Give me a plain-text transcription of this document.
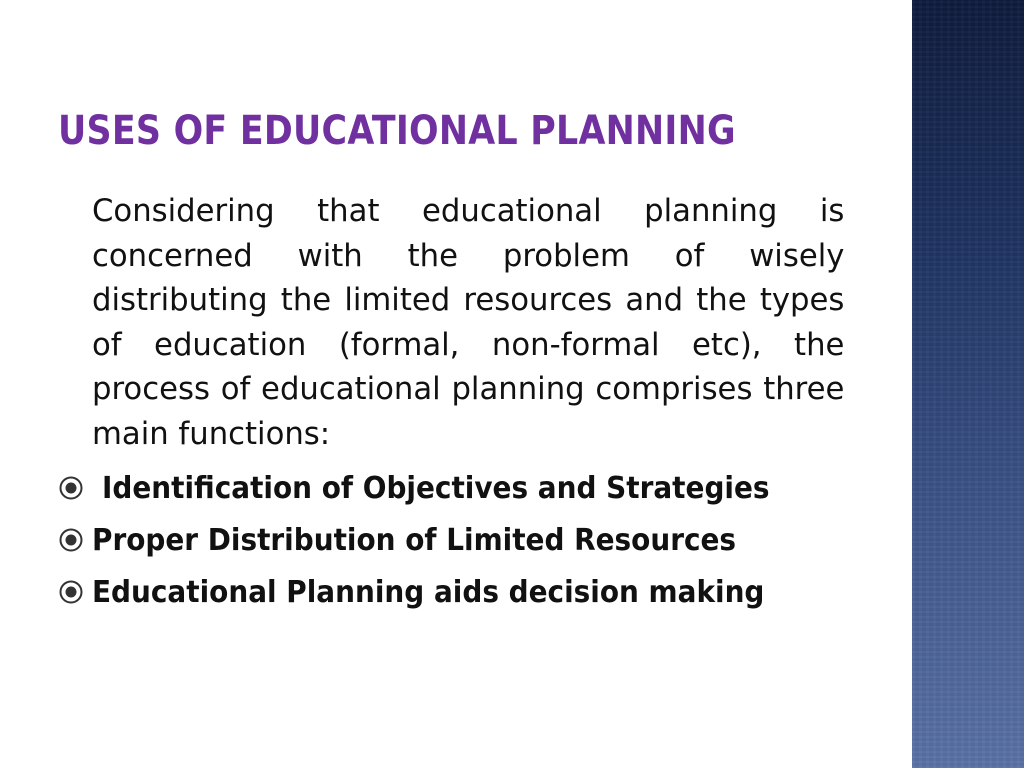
USES OF EDUCATIONAL PLANNING

Considering that educational planning is concerned with the problem of wisely distributing the limited resources and the types of education (formal, non-formal etc), the process of educational planning comprises three main functions:

Identification of Objectives and Strategies
Proper Distribution of Limited Resources
Educational Planning aids decision making
